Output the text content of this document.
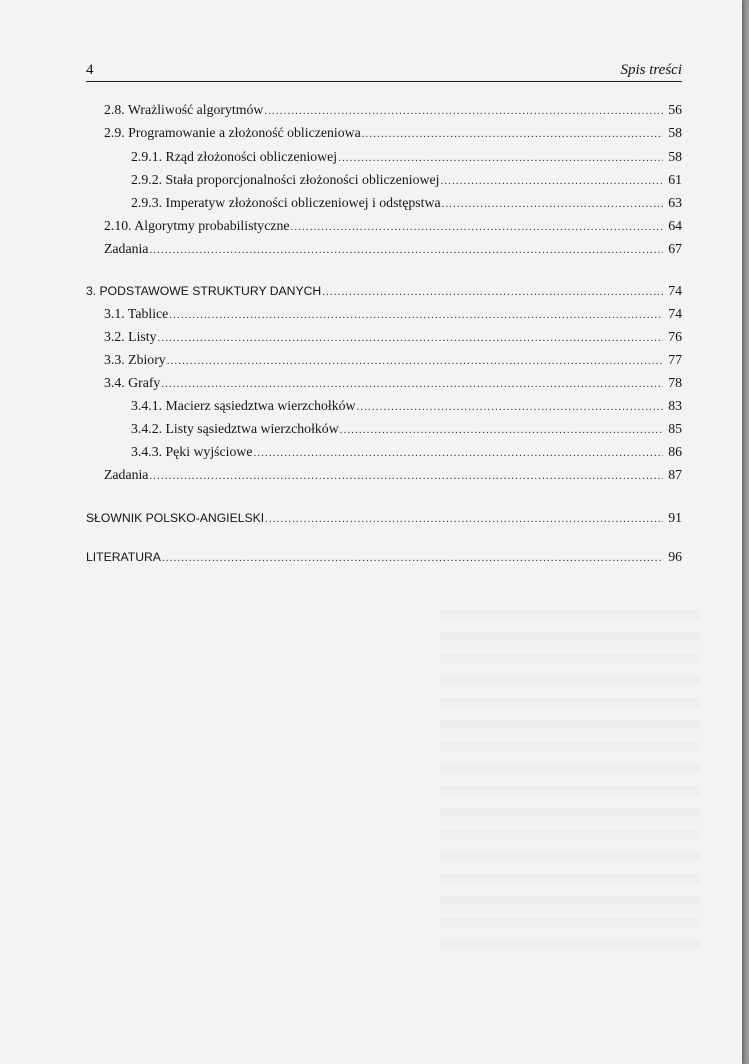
4	Spis treści
2.8. Wrażliwość algorytmów .....	56
2.9. Programowanie a złożoność obliczeniowa .....	58
2.9.1. Rząd złożoności obliczeniowej .....	58
2.9.2. Stała proporcjonalności złożoności obliczeniowej .....	61
2.9.3. Imperatyw złożoności obliczeniowej i odstępstwa .....	63
2.10. Algorytmy probabilistyczne .....	64
Zadania .....	67
3. PODSTAWOWE STRUKTURY DANYCH .....	74
3.1. Tablice .....	74
3.2. Listy .....	76
3.3. Zbiory .....	77
3.4. Grafy .....	78
3.4.1. Macierz sąsiedztwa wierzchołków .....	83
3.4.2. Listy sąsiedztwa wierzchołków .....	85
3.4.3. Pęki wyjściowe .....	86
Zadania .....	87
SŁOWNIK POLSKO-ANGIELSKI .....	91
LITERATURA .....	96
